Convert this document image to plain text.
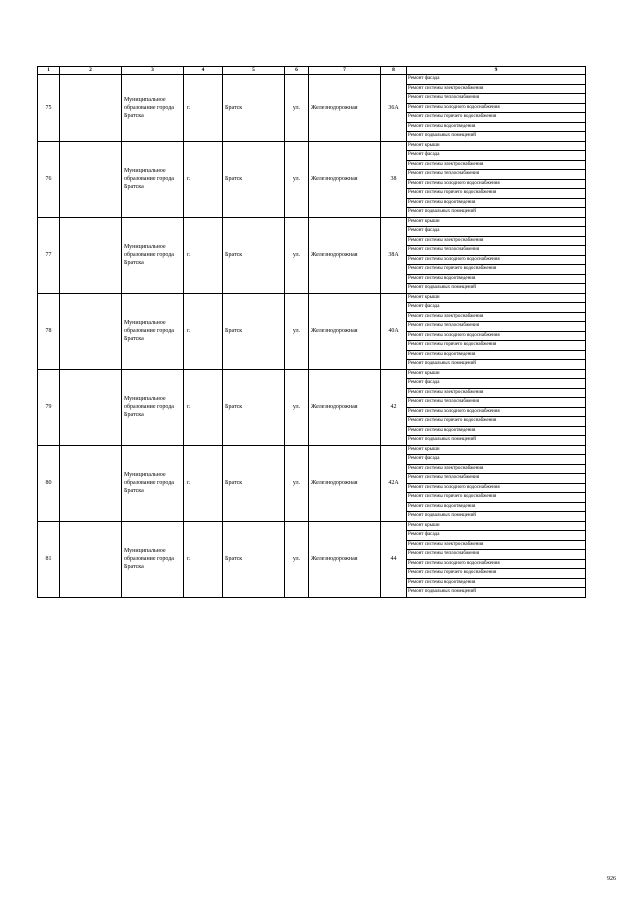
1	2	3	4	5	6	7	8	9
75		Муниципальное образование города Братска	г.	Братск	ул.	Железнодорожная	36А	Ремонт фасада
								Ремонт системы электроснабжения
								Ремонт системы теплоснабжения
								Ремонт системы холодного водоснабжения
								Ремонт системы горячего водоснабжения
								Ремонт системы водоотведения
								Ремонт подвальных помещений
76		Муниципальное образование города Братска	г.	Братск	ул.	Железнодорожная	38	Ремонт крыши
								Ремонт фасада
								Ремонт системы электроснабжения
								Ремонт системы теплоснабжения
								Ремонт системы холодного водоснабжения
								Ремонт системы горячего водоснабжения
								Ремонт системы водоотведения
								Ремонт подвальных помещений
77		Муниципальное образование города Братска	г.	Братск	ул.	Железнодорожная	38А	Ремонт крыши
								Ремонт фасада
								Ремонт системы электроснабжения
								Ремонт системы теплоснабжения
								Ремонт системы холодного водоснабжения
								Ремонт системы горячего водоснабжения
								Ремонт системы водоотведения
								Ремонт подвальных помещений
78		Муниципальное образование города Братска	г.	Братск	ул.	Железнодорожная	40А	Ремонт крыши
								Ремонт фасада
								Ремонт системы электроснабжения
								Ремонт системы теплоснабжения
								Ремонт системы холодного водоснабжения
								Ремонт системы горячего водоснабжения
								Ремонт системы водоотведения
								Ремонт подвальных помещений
79		Муниципальное образование города Братска	г.	Братск	ул.	Железнодорожная	42	Ремонт крыши
								Ремонт фасада
								Ремонт системы электроснабжения
								Ремонт системы теплоснабжения
								Ремонт системы холодного водоснабжения
								Ремонт системы горячего водоснабжения
								Ремонт системы водоотведения
								Ремонт подвальных помещений
80		Муниципальное образование города Братска	г.	Братск	ул.	Железнодорожная	42А	Ремонт крыши
								Ремонт фасада
								Ремонт системы электроснабжения
								Ремонт системы теплоснабжения
								Ремонт системы холодного водоснабжения
								Ремонт системы горячего водоснабжения
								Ремонт системы водоотведения
								Ремонт подвальных помещений
81		Муниципальное образование города Братска	г.	Братск	ул.	Железнодорожная	44	Ремонт крыши
								Ремонт фасада
								Ремонт системы электроснабжения
								Ремонт системы теплоснабжения
								Ремонт системы холодного водоснабжения
								Ремонт системы горячего водоснабжения
								Ремонт системы водоотведения
								Ремонт подвальных помещений
926
